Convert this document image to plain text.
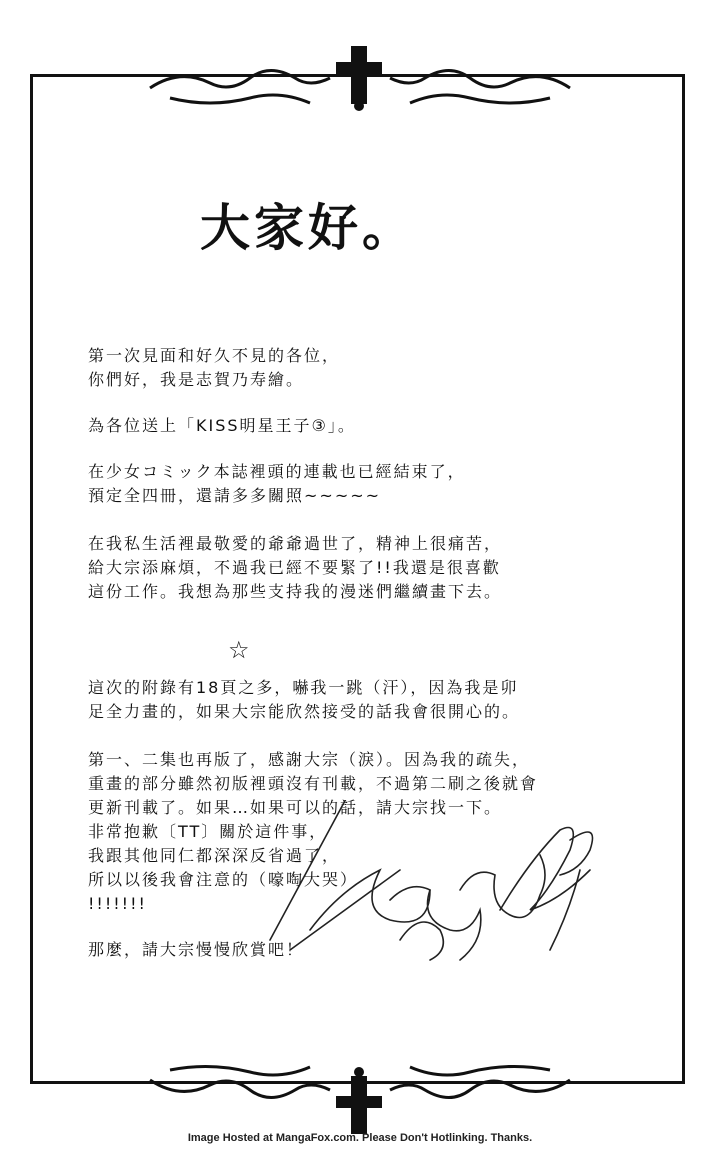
大家好。
第一次見面和好久不見的各位，
你們好，我是志賀乃寿繪。
為各位送上「KISS明星王子③」。
在少女コミック本誌裡頭的連載也已經結束了，
預定全四冊，還請多多關照~~~~~
在我私生活裡最敬愛的爺爺過世了，精神上很痛苦，
給大宗添麻煩，不過我已經不要緊了!!我還是很喜歡
這份工作。我想為那些支持我的漫迷們繼續畫下去。
☆
這次的附錄有18頁之多，嚇我一跳（汗），因為我是卯
足全力畫的，如果大宗能欣然接受的話我會很開心的。
第一、二集也再版了，感謝大宗（淚）。因為我的疏失，
重畫的部分雖然初版裡頭沒有刊載，不過第二刷之後就會
更新刊載了。如果…如果可以的話，請大宗找一下。
非常抱歉〔TT〕關於這件事，
我跟其他同仁都深深反省過了，
所以以後我會注意的（嚎啕大哭）
!!!!!!!
那麼，請大宗慢慢欣賞吧！
Image Hosted at MangaFox.com. Please Don't Hotlinking. Thanks.
